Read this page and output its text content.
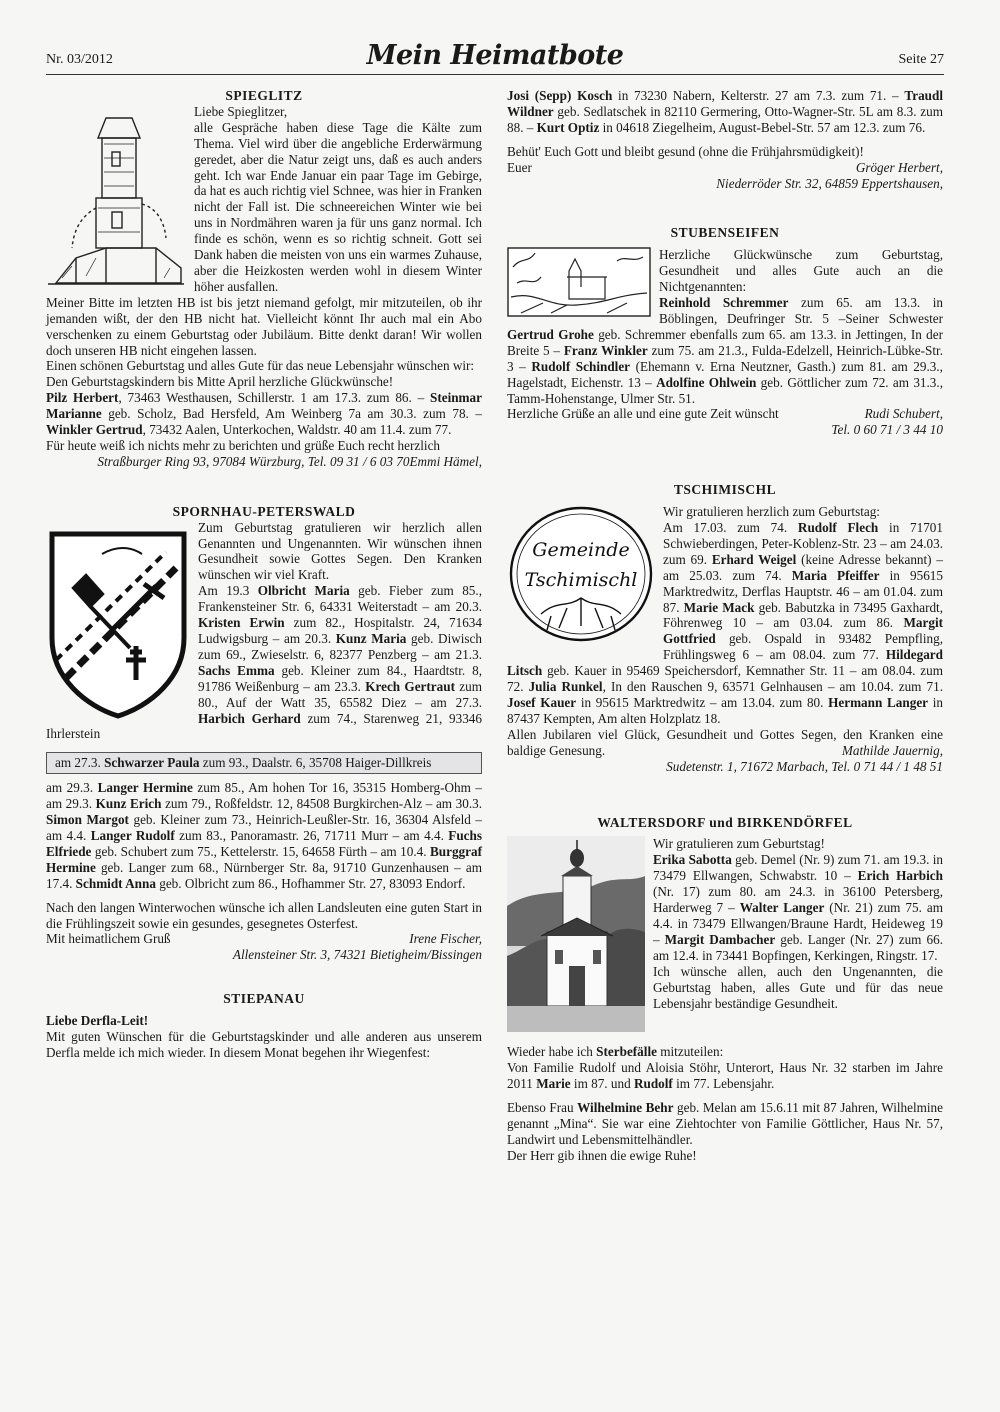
Nr. 03/2012	Mein Heimatbote	Seite 27

SPIEGLITZ

Liebe Spieglitzer,

alle Gespräche haben diese Tage die Kälte zum Thema. Viel wird über die angebliche Erderwärmung geredet, aber die Natur zeigt uns, daß es auch anders geht. Ich war Ende Januar ein paar Tage im Gebirge, da hat es auch richtig viel Schnee, was hier in Franken nicht der Fall ist. Die schneereichen Winter wie bei uns in Nordmähren waren ja für uns ganz normal. Ich finde es schön, wenn es so richtig schneit. Gott sei Dank haben die meisten von uns ein warmes Zuhause, aber die Heizkosten werden wohl in diesem Winter höher ausfallen.

Meiner Bitte im letzten HB ist bis jetzt niemand gefolgt, mir mitzuteilen, ob ihr jemanden wißt, der den HB nicht hat. Vielleicht könnt Ihr auch mal ein Abo verschenken zu einem Geburtstag oder Jubiläum. Bitte denkt daran! Wir wollen doch unseren HB nicht eingehen lassen.

Einen schönen Geburtstag und alles Gute für das neue Lebensjahr wünschen wir:

Den Geburtstagskindern bis Mitte April herzliche Glückwünsche!

Pilz Herbert, 73463 Westhausen, Schillerstr. 1 am 17.3. zum 86. – Steinmar Marianne geb. Scholz, Bad Hersfeld, Am Weinberg 7a am 30.3. zum 78. – Winkler Gertrud, 73432 Aalen, Unterkochen, Waldstr. 40 am 11.4. zum 77.

Für heute weiß ich nichts mehr zu berichten und grüße Euch recht herzlich
Emmi Hämel,

Straßburger Ring 93, 97084 Würzburg, Tel. 09 31 / 6 03 70

SPORNHAU-PETERSWALD

Zum Geburtstag gratulieren wir herzlich allen Genannten und Ungenannten. Wir wünschen ihnen Gesundheit sowie Gottes Segen. Den Kranken wünschen wir viel Kraft.

Am 19.3 Olbricht Maria geb. Fieber zum 85., Frankensteiner Str. 6, 64331 Weiterstadt – am 20.3. Kristen Erwin zum 82., Hospitalstr. 24, 71634 Ludwigsburg – am 20.3. Kunz Maria geb. Diwisch zum 69., Zwieselstr. 6, 82377 Penzberg – am 21.3. Sachs Emma geb. Kleiner zum 84., Haardtstr. 8, 91786 Weißenburg – am 23.3. Krech Gertraut zum 80., Auf der Watt 35, 65582 Diez – am 27.3. Harbich Gerhard zum 74., Starenweg 21, 93346 Ihrlerstein

am 27.3. Schwarzer Paula zum 93., Daalstr. 6, 35708 Haiger-Dillkreis

am 29.3. Langer Hermine zum 85., Am hohen Tor 16, 35315 Homberg-Ohm – am 29.3. Kunz Erich zum 79., Roßfeldstr. 12, 84508 Burgkirchen-Alz – am 30.3. Simon Margot geb. Kleiner zum 73., Heinrich-Leußler-Str. 16, 36304 Alsfeld – am 4.4. Langer Rudolf zum 83., Panoramastr. 26, 71711 Murr – am 4.4. Fuchs Elfriede geb. Schubert zum 75., Kettelerstr. 15, 64658 Fürth – am 10.4. Burggraf Hermine geb. Langer zum 68., Nürnberger Str. 8a, 91710 Gunzenhausen – am 17.4. Schmidt Anna geb. Olbricht zum 86., Hofhammer Str. 27, 83093 Endorf.

Nach den langen Winterwochen wünsche ich allen Landsleuten eine guten Start in die Frühlingszeit sowie ein gesundes, gesegnetes Osterfest.

Mit heimatlichem Gruß	Irene Fischer,

Allensteiner Str. 3, 74321 Bietigheim/Bissingen

STIEPANAU

Liebe Derfla-Leit!

Mit guten Wünschen für die Geburtstagskinder und alle anderen aus unserem Derfla melde ich mich wieder. In diesem Monat begehen ihr Wiegenfest:

Josi (Sepp) Kosch in 73230 Nabern, Kelterstr. 27 am 7.3. zum 71. – Traudl Wildner geb. Sedlatschek in 82110 Germering, Otto-Wagner-Str. 5L am 8.3. zum 88. – Kurt Optiz in 04618 Ziegelheim, August-Bebel-Str. 57 am 12.3. zum 76.

Behüt' Euch Gott und bleibt gesund (ohne die Frühjahrsmüdigkeit)!

Euer	Gröger Herbert,

Niederröder Str. 32, 64859 Eppertshausen,

STUBENSEIFEN

Herzliche Glückwünsche zum Geburtstag, Gesundheit und alles Gute auch an die Nichtgenannten:

Reinhold Schremmer zum 65. am 13.3. in Böblingen, Deufringer Str. 5 –Seiner Schwester Gertrud Grohe geb. Schremmer ebenfalls zum 65. am 13.3. in Jettingen, In der Breite 5 – Franz Winkler zum 75. am 21.3., Fulda-Edelzell, Heinrich-Lübke-Str. 3 – Rudolf Schindler (Ehemann v. Erna Neutzner, Gasth.) zum 81. am 29.3., Hagelstadt, Eichenstr. 13 – Adolfine Ohlwein geb. Göttlicher zum 72. am 31.3., Tamm-Hohenstange, Ulmer Str. 51.

Herzliche Grüße an alle und eine gute Zeit wünscht	Rudi Schubert,

Tel. 0 60 71 / 3 44 10

TSCHIMISCHL

Gemeinde
Tschimischl

Wir gratulieren herzlich zum Geburtstag:

Am 17.03. zum 74. Rudolf Flech in 71701 Schwieberdingen, Peter-Koblenz-Str. 23 – am 24.03. zum 69. Erhard Weigel (keine Adresse bekannt) – am 25.03. zum 74. Maria Pfeiffer in 95615 Marktredwitz, Derflas Hauptstr. 46 – am 01.04. zum 87. Marie Mack geb. Babutzka in 73495 Gaxhardt, Föhrenweg 10 – am 03.04. zum 86. Margit Gottfried geb. Ospald in 93482 Pempfling, Frühlingsweg 6 – am 08.04. zum 77. Hildegard Litsch geb. Kauer in 95469 Speichersdorf, Kemnather Str. 11 – am 08.04. zum 72. Julia Runkel, In den Rauschen 9, 63571 Gelnhausen – am 10.04. zum 71. Josef Kauer in 95615 Marktredwitz – am 13.04. zum 80. Hermann Langer in 87437 Kempten, Am alten Holzplatz 18.

Allen Jubilaren viel Glück, Gesundheit und Gottes Segen, den Kranken eine baldige Genesung.	Mathilde Jauernig,

Sudetenstr. 1, 71672 Marbach, Tel. 0 71 44 / 1 48 51

WALTERSDORF und BIRKENDÖRFEL

Wir gratulieren zum Geburtstag!

Erika Sabotta geb. Demel (Nr. 9) zum 71. am 19.3. in 73479 Ellwangen, Schwabstr. 10 – Erich Harbich (Nr. 17) zum 80. am 24.3. in 36100 Petersberg, Harderweg 7 – Walter Langer (Nr. 21) zum 75. am 4.4. in 73479 Ellwangen/Braune Hardt, Heideweg 19 – Margit Dambacher geb. Langer (Nr. 27) zum 66. am 12.4. in 73441 Bopfingen, Kerkingen, Ringstr. 17.

Ich wünsche allen, auch den Ungenannten, die Geburtstag haben, alles Gute und für das neue Lebensjahr beständige Gesundheit.

Wieder habe ich Sterbefälle mitzuteilen:

Von Familie Rudolf und Aloisia Stöhr, Unterort, Haus Nr. 32 starben im Jahre 2011 Marie im 87. und Rudolf im 77. Lebensjahr.

Ebenso Frau Wilhelmine Behr geb. Melan am 15.6.11 mit 87 Jahren, Wilhelmine genannt „Mina“. Sie war eine Ziehtochter von Familie Göttlicher, Haus Nr. 57, Landwirt und Lebensmittelhändler.

Der Herr gib ihnen die ewige Ruhe!
